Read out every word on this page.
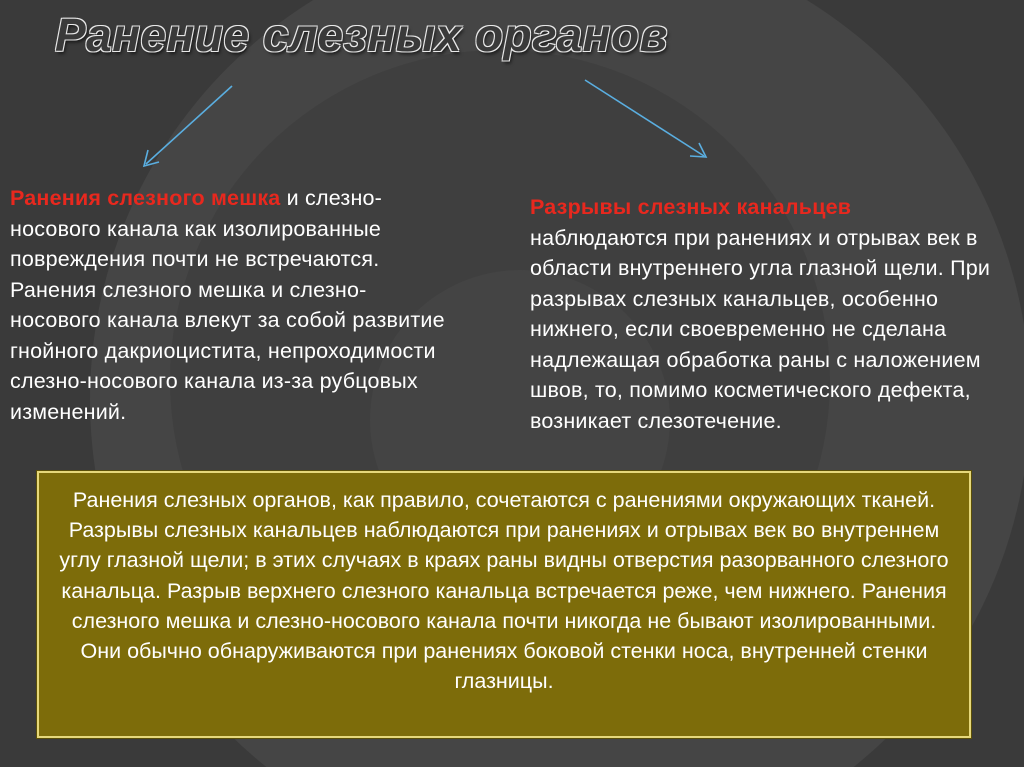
Ранение слезных органов
Ранения слезного мешка и слезно-носового канала как изолированные повреждения почти не встречаются. Ранения слезного мешка и слезно-носового канала влекут за собой развитие гнойного дакриоцистита, непроходимости слезно-носового канала из-за рубцовых изменений.
Разрывы слезных канальцев
наблюдаются при ранениях и отрывах век в области внутреннего угла глазной щели. При разрывах слезных канальцев, особенно нижнего, если своевременно не сделана надлежащая обработка раны с наложением швов, то, помимо косметического дефекта, возникает слезотечение.
Ранения слезных органов, как правило, сочетаются с ранениями окружающих тканей. Разрывы слезных канальцев наблюдаются при ранениях и отрывах век во внутреннем углу глазной щели; в этих случаях в краях раны видны отверстия разорванного слезного канальца. Разрыв верхнего слезного канальца встречается реже, чем нижнего. Ранения слезного мешка и слезно-носового канала почти никогда не бывают изолированными. Они обычно обнаруживаются при ранениях боковой стенки носа, внутренней стенки глазницы.
